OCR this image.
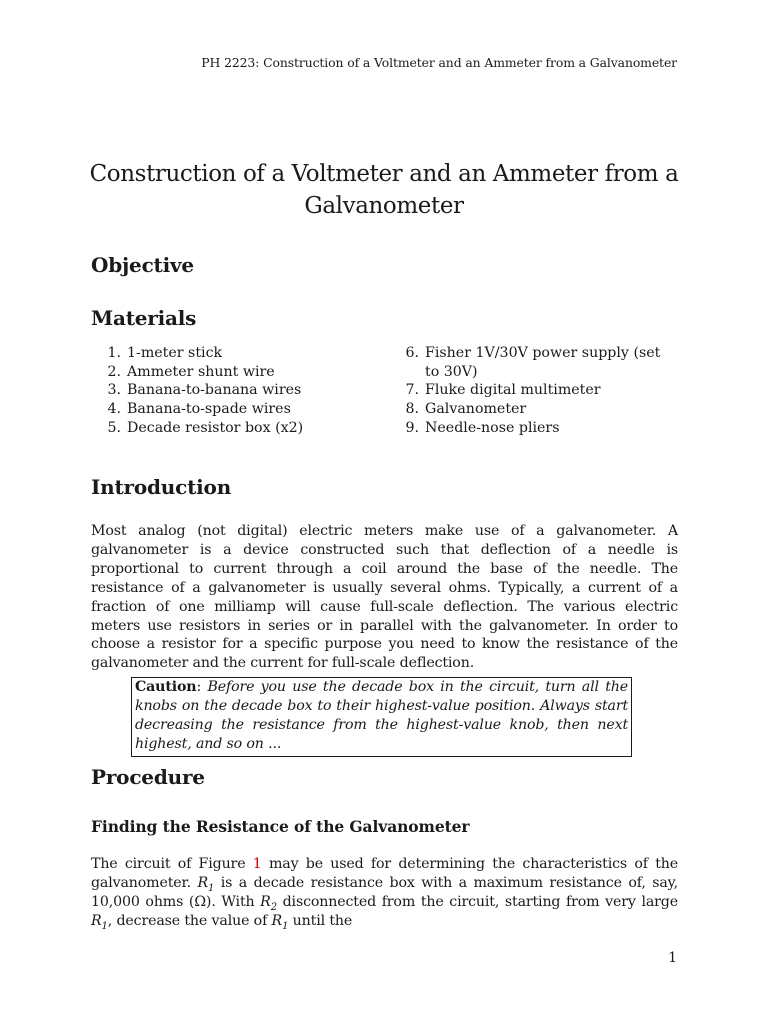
PH 2223: Construction of a Voltmeter and an Ammeter from a Galvanometer
Construction of a Voltmeter and an Ammeter from a Galvanometer
Objective
Materials
1. 1-meter stick
2. Ammeter shunt wire
3. Banana-to-banana wires
4. Banana-to-spade wires
5. Decade resistor box (x2)
6. Fisher 1V/30V power supply (set to 30V)
7. Fluke digital multimeter
8. Galvanometer
9. Needle-nose pliers
Introduction

Most analog (not digital) electric meters make use of a galvanometer. A galvanometer is a device constructed such that deflection of a needle is proportional to current through a coil around the base of the needle. The resistance of a galvanometer is usually several ohms. Typically, a current of a fraction of one milliamp will cause full-scale deflection. The various electric meters use resistors in series or in parallel with the galvanometer. In order to choose a resistor for a specific purpose you need to know the resistance of the galvanometer and the current for full-scale deflection.

Caution: Before you use the decade box in the circuit, turn all the knobs on the decade box to their highest-value position. Always start decreasing the resistance from the highest-value knob, then next highest, and so on ...
Procedure
Finding the Resistance of the Galvanometer

The circuit of Figure 1 may be used for determining the characteristics of the galvanometer. $R_1$ is a decade resistance box with a maximum resistance of, say, 10,000 ohms (Ω). With $R_2$ disconnected from the circuit, starting from very large $R_1$, decrease the value of $R_1$ until the

1
